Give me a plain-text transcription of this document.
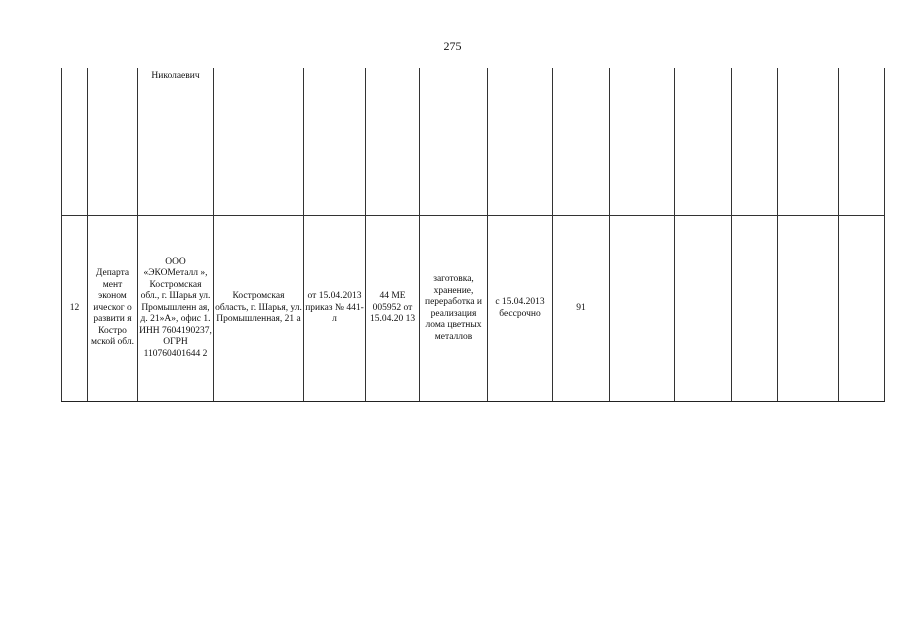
275
		Николаевич											
12	Департа мент эконом ическог о развити я Костро мской обл.	ООО «ЭКОМеталл », Костромская обл., г. Шарья ул. Промышленн ая, д. 21»А», офис 1. ИНН 7604190237, ОГРН 110760401644 2	Костромская область, г. Шарья, ул. Промышленная, 21 а	от 15.04.2013 приказ № 441-л	44 МЕ 005952 от 15.04.20 13	заготовка, хранение, переработка и реализация лома цветных металлов	с 15.04.2013 бессрочно	91					
